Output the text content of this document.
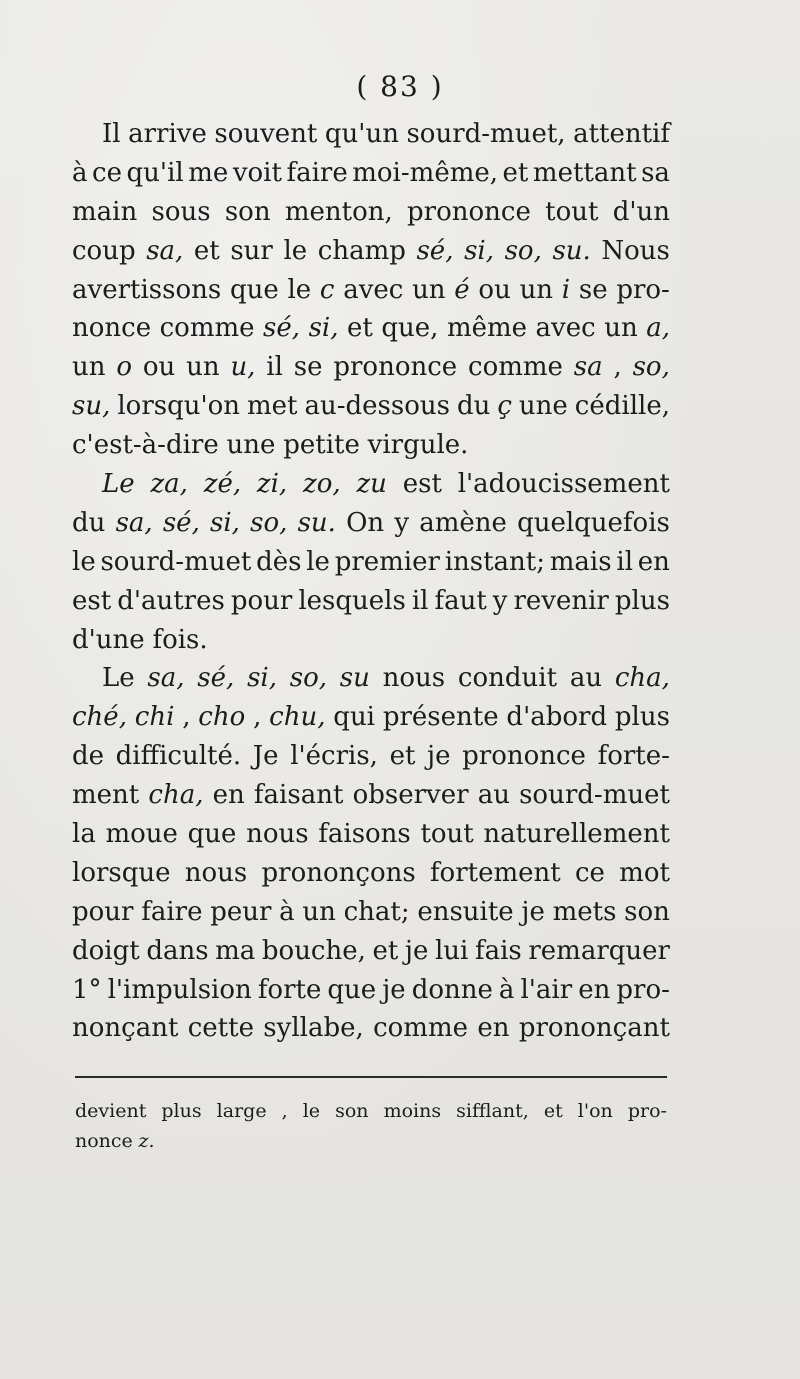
( 83 )
Il arrive souvent qu'un sourd-muet, attentif
à ce qu'il me voit faire moi-même, et mettant sa
main sous son menton, prononce tout d'un
coup sa, et sur le champ sé, si, so, su. Nous
avertissons que le c avec un é ou un i se pro-
nonce comme sé, si, et que, même avec un a,
un o ou un u, il se prononce comme sa , so,
su, lorsqu'on met au-dessous du ç une cédille,
c'est-à-dire une petite virgule.
Le za, zé, zi, zo, zu est l'adoucissement
du sa, sé, si, so, su. On y amène quelquefois
le sourd-muet dès le premier instant; mais il en
est d'autres pour lesquels il faut y revenir plus
d'une fois.
Le sa, sé, si, so, su nous conduit au cha,
ché, chi , cho , chu, qui présente d'abord plus
de difficulté. Je l'écris, et je prononce forte-
ment cha, en faisant observer au sourd-muet
la moue que nous faisons tout naturellement
lorsque nous prononçons fortement ce mot
pour faire peur à un chat; ensuite je mets son
doigt dans ma bouche, et je lui fais remarquer
1° l'impulsion forte que je donne à l'air en pro-
nonçant cette syllabe, comme en prononçant
devient plus large , le son moins sifflant, et l'on pro-
nonce z.
